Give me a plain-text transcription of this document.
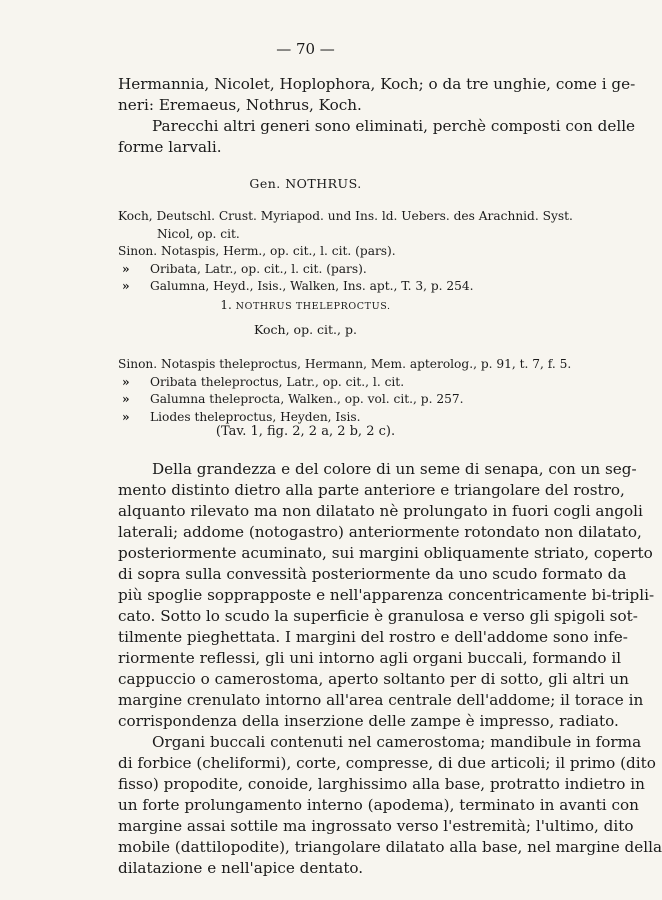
— 70 —
Hermannia, Nicolet, Hoplophora, Koch; o da tre unghie, come i ge-
neri: Eremaeus, Nothrus, Koch.
Parecchi altri generi sono eliminati, perchè composti con delle
forme larvali.
Gen. NOTHRUS.
Koch, Deutschl. Crust. Myriapod. und Ins. ld. Uebers. des Arachnid. Syst.
Nicol, op. cit.
Sinon. Notaspis, Herm., op. cit., l. cit. (pars).
» Oribata, Latr., op. cit., l. cit. (pars).
» Galumna, Heyd., Isis., Walken, Ins. apt., T. 3, p. 254.
1. NOTHRUS THELEPROCTUS.
Koch, op. cit., p.
Sinon. Notaspis theleproctus, Hermann, Mem. apterolog., p. 91, t. 7, f. 5.
» Oribata theleproctus, Latr., op. cit., l. cit.
» Galumna theleprocta, Walken., op. vol. cit., p. 257.
» Liodes theleproctus, Heyden, Isis.
(Tav. 1, fig. 2, 2 a, 2 b, 2 c).
Della grandezza e del colore di un seme di senapa, con un seg-
mento distinto dietro alla parte anteriore e triangolare del rostro,
alquanto rilevato ma non dilatato nè prolungato in fuori cogli angoli
laterali; addome (notogastro) anteriormente rotondato non dilatato,
posteriormente acuminato, sui margini obliquamente striato, coperto
di sopra sulla convessità posteriormente da uno scudo formato da
più spoglie sopprapposte e nell'apparenza concentricamente bi-tripli-
cato. Sotto lo scudo la superficie è granulosa e verso gli spigoli sot-
tilmente pieghettata. I margini del rostro e dell'addome sono infe-
riormente reflessi, gli uni intorno agli organi buccali, formando il
cappuccio o camerostoma, aperto soltanto per di sotto, gli altri un
margine crenulato intorno all'area centrale dell'addome; il torace in
corrispondenza della inserzione delle zampe è impresso, radiato.
Organi buccali contenuti nel camerostoma; mandibule in forma
di forbice (cheliformi), corte, compresse, di due articoli; il primo (dito
fisso) propodite, conoide, larghissimo alla base, protratto indietro in
un forte prolungamento interno (apodema), terminato in avanti con
margine assai sottile ma ingrossato verso l'estremità; l'ultimo, dito
mobile (dattilopodite), triangolare dilatato alla base, nel margine della
dilatazione e nell'apice dentato.
